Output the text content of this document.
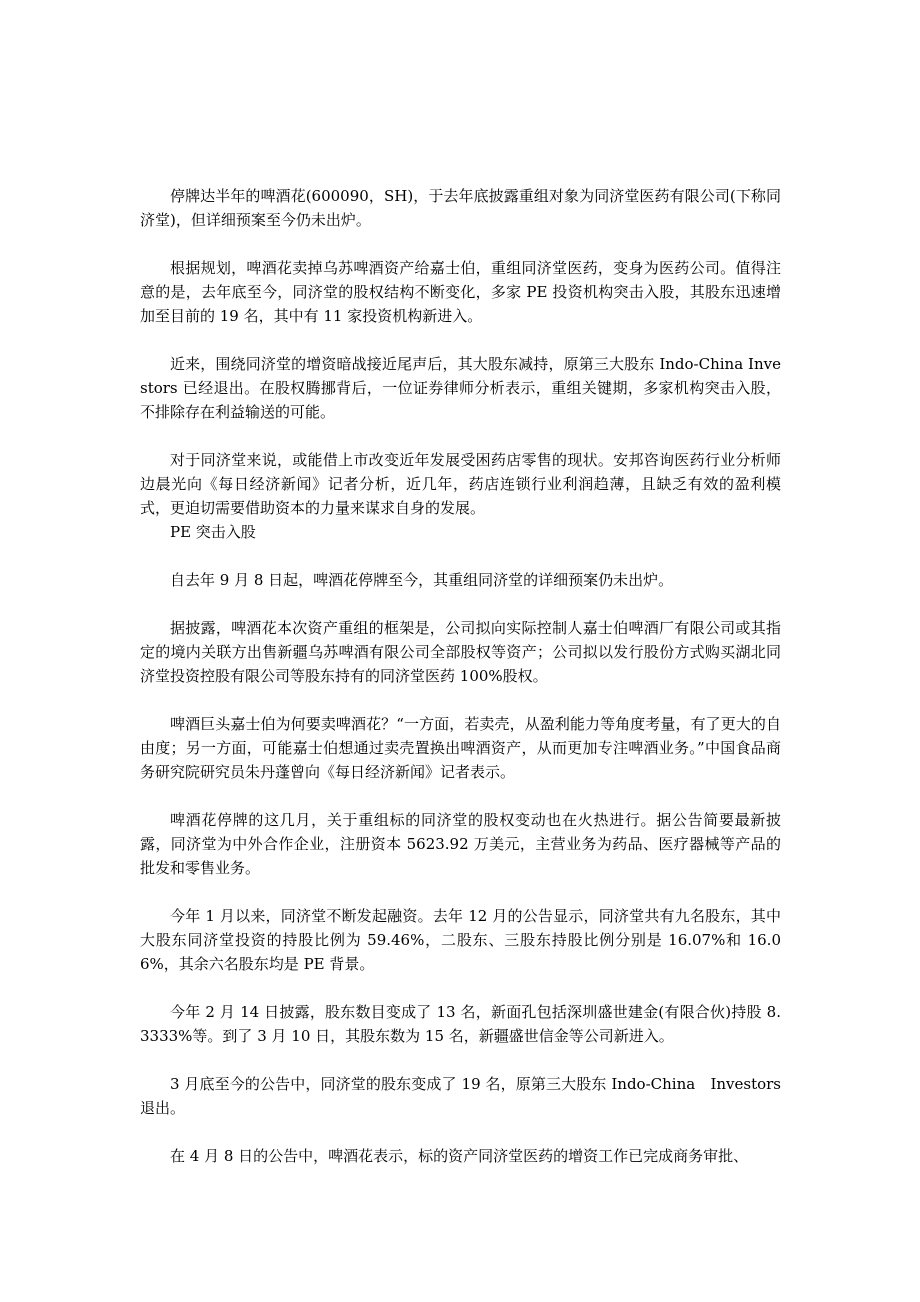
停牌达半年的啤酒花(600090，SH)，于去年底披露重组对象为同济堂医药有限公司(下称同济堂)，但详细预案至今仍未出炉。

根据规划，啤酒花卖掉乌苏啤酒资产给嘉士伯，重组同济堂医药，变身为医药公司。值得注意的是，去年底至今，同济堂的股权结构不断变化，多家 PE 投资机构突击入股，其股东迅速增加至目前的 19 名，其中有 11 家投资机构新进入。

近来，围绕同济堂的增资暗战接近尾声后，其大股东减持，原第三大股东 Indo-China Investors 已经退出。在股权腾挪背后，一位证券律师分析表示，重组关键期，多家机构突击入股，不排除存在利益输送的可能。

对于同济堂来说，或能借上市改变近年发展受困药店零售的现状。安邦咨询医药行业分析师边晨光向《每日经济新闻》记者分析，近几年，药店连锁行业利润趋薄，且缺乏有效的盈利模式，更迫切需要借助资本的力量来谋求自身的发展。

PE 突击入股

自去年 9 月 8 日起，啤酒花停牌至今，其重组同济堂的详细预案仍未出炉。

据披露，啤酒花本次资产重组的框架是，公司拟向实际控制人嘉士伯啤酒厂有限公司或其指定的境内关联方出售新疆乌苏啤酒有限公司全部股权等资产；公司拟以发行股份方式购买湖北同济堂投资控股有限公司等股东持有的同济堂医药 100%股权。

啤酒巨头嘉士伯为何要卖啤酒花？“一方面，若卖壳，从盈利能力等角度考量，有了更大的自由度；另一方面，可能嘉士伯想通过卖壳置换出啤酒资产，从而更加专注啤酒业务。”中国食品商务研究院研究员朱丹蓬曾向《每日经济新闻》记者表示。

啤酒花停牌的这几月，关于重组标的同济堂的股权变动也在火热进行。据公告简要最新披露，同济堂为中外合作企业，注册资本 5623.92 万美元，主营业务为药品、医疗器械等产品的批发和零售业务。

今年 1 月以来，同济堂不断发起融资。去年 12 月的公告显示，同济堂共有九名股东，其中大股东同济堂投资的持股比例为 59.46%，二股东、三股东持股比例分别是 16.07%和 16.06%，其余六名股东均是 PE 背景。

今年 2 月 14 日披露，股东数目变成了 13 名，新面孔包括深圳盛世建金(有限合伙)持股 8.3333%等。到了 3 月 10 日，其股东数为 15 名，新疆盛世信金等公司新进入。

3 月底至今的公告中，同济堂的股东变成了 19 名，原第三大股东 Indo-China　Investors 退出。

在 4 月 8 日的公告中，啤酒花表示，标的资产同济堂医药的增资工作已完成商务审批、
